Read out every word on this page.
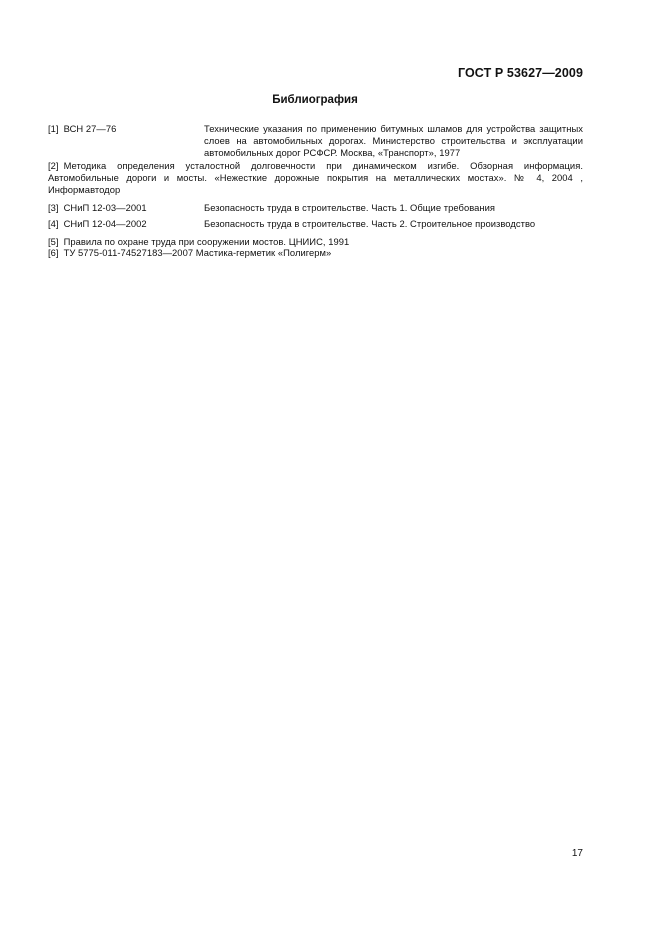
ГОСТ Р 53627—2009
Библиография
[1] ВСН 27—76	Технические указания по применению битумных шламов для устройства защитных слоев на автомобильных дорогах. Министерство строительства и эксплуатации автомобильных дорог РСФСР. Москва, «Транспорт», 1977
[2] Методика определения усталостной долговечности при динамическом изгибе. Обзорная информация. Автомобильные дороги и мосты. «Нежесткие дорожные покрытия на металлических мостах». № 4, 2004 , Информавтодор
[3] СНиП 12-03—2001	Безопасность труда в строительстве. Часть 1. Общие требования
[4] СНиП 12-04—2002	Безопасность труда в строительстве. Часть 2. Строительное производство
[5] Правила по охране труда при сооружении мостов. ЦНИИС, 1991
[6] ТУ 5775-011-74527183—2007 Мастика-герметик «Полигерм»
17
